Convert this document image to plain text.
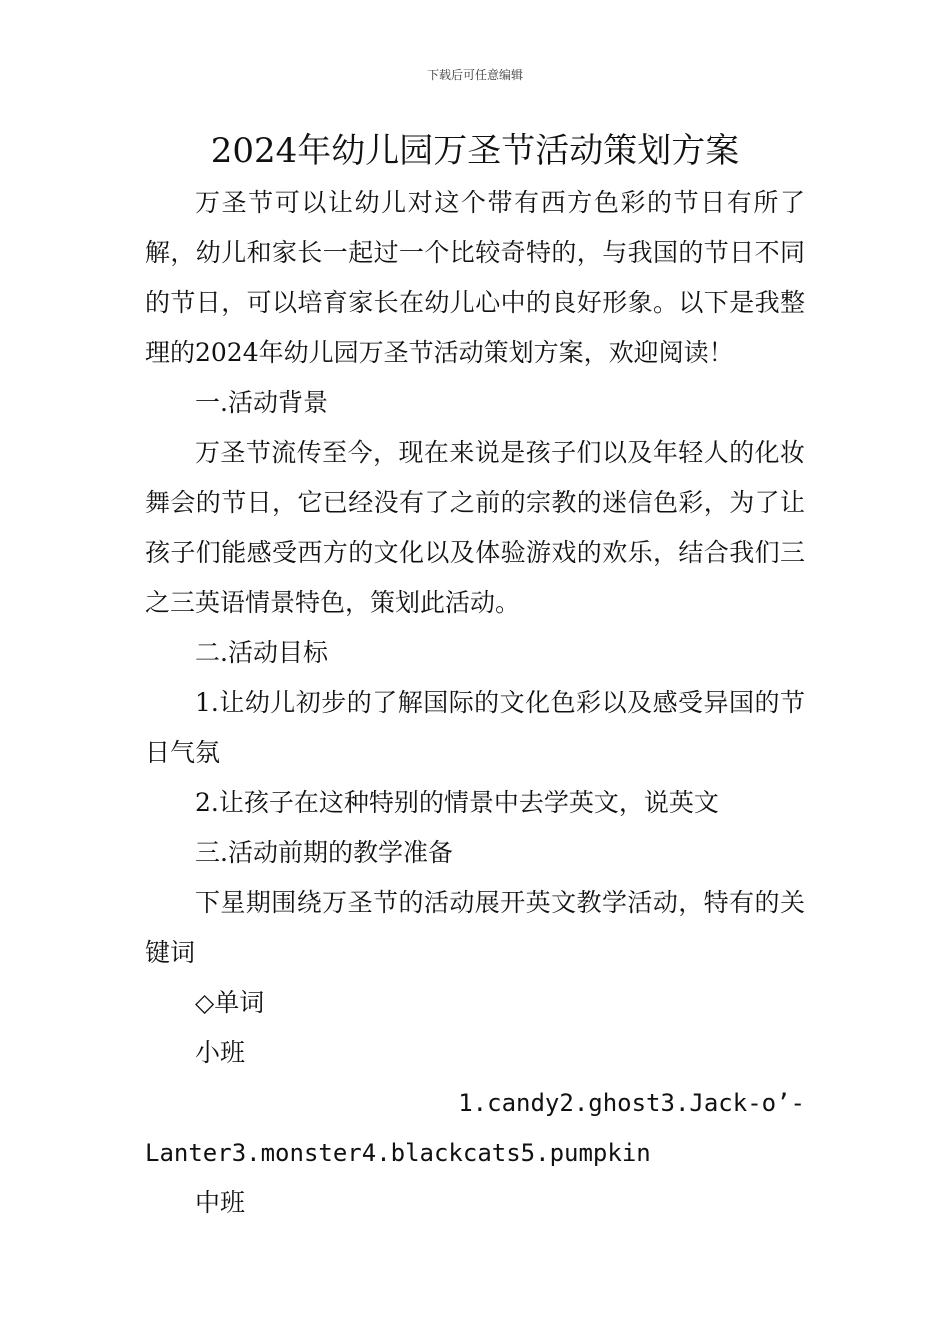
下载后可任意编辑
2024年幼儿园万圣节活动策划方案

万圣节可以让幼儿对这个带有西方色彩的节日有所了解，幼儿和家长一起过一个比较奇特的，与我国的节日不同的节日，可以培育家长在幼儿心中的良好形象。以下是我整理的2024年幼儿园万圣节活动策划方案，欢迎阅读！

一.活动背景

万圣节流传至今，现在来说是孩子们以及年轻人的化妆舞会的节日，它已经没有了之前的宗教的迷信色彩，为了让孩子们能感受西方的文化以及体验游戏的欢乐，结合我们三之三英语情景特色，策划此活动。

二.活动目标

1.让幼儿初步的了解国际的文化色彩以及感受异国的节日气氛

2.让孩子在这种特别的情景中去学英文，说英文

三.活动前期的教学准备

下星期围绕万圣节的活动展开英文教学活动，特有的关键词

◇单词

小班

1.candy2.ghost3.Jack-o’-

Lanter3.monster4.blackcats5.pumpkin

中班
